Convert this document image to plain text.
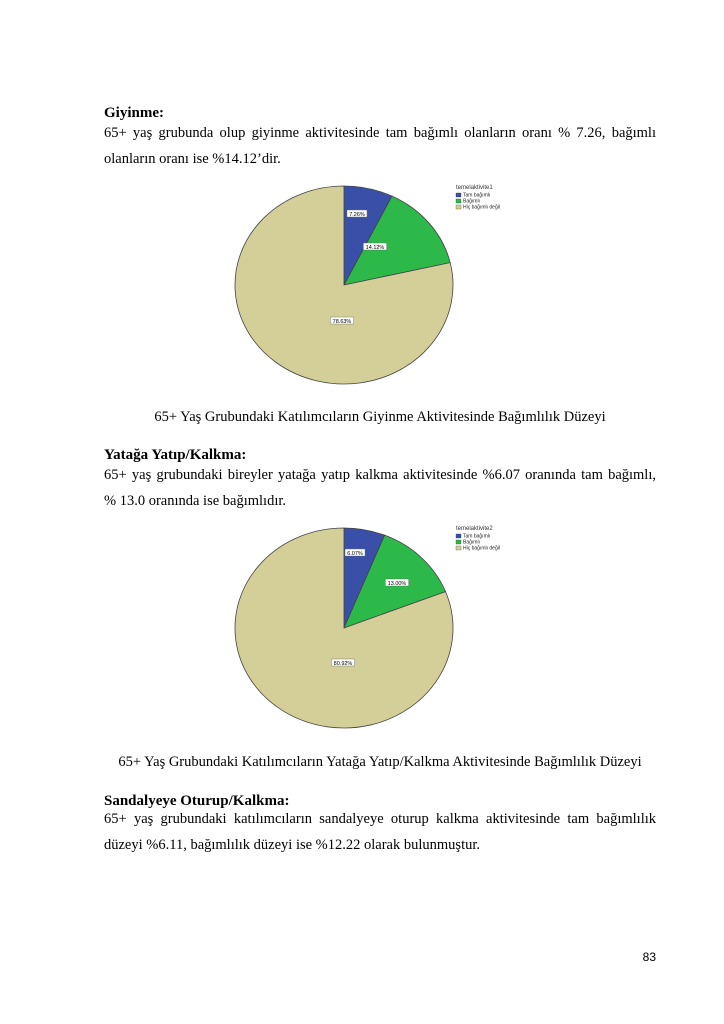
Giyinme:
65+ yaş grubunda olup giyinme aktivitesinde tam bağımlı olanların oranı % 7.26, bağımlı
olanların oranı ise %14.12’dir.
7.26%
14.12%
78.63%
temelaktivite1
Tam bağımlı
Bağımlı
Hiç bağımlı değil
65+ Yaş Grubundaki Katılımcıların Giyinme Aktivitesinde Bağımlılık Düzeyi
Yatağa Yatıp/Kalkma:
65+ yaş grubundaki bireyler yatağa yatıp kalkma aktivitesinde %6.07 oranında tam bağımlı,
% 13.0 oranında ise bağımlıdır.
6.07%
13.00%
80.92%
temelaktivite2
Tam bağımlı
Bağımlı
Hiç bağımlı değil
65+ Yaş Grubundaki Katılımcıların Yatağa Yatıp/Kalkma Aktivitesinde Bağımlılık Düzeyi
Sandalyeye Oturup/Kalkma:
65+ yaş grubundaki katılımcıların sandalyeye oturup kalkma aktivitesinde tam bağımlılık
düzeyi %6.11, bağımlılık düzeyi ise %12.22 olarak bulunmuştur.
83
